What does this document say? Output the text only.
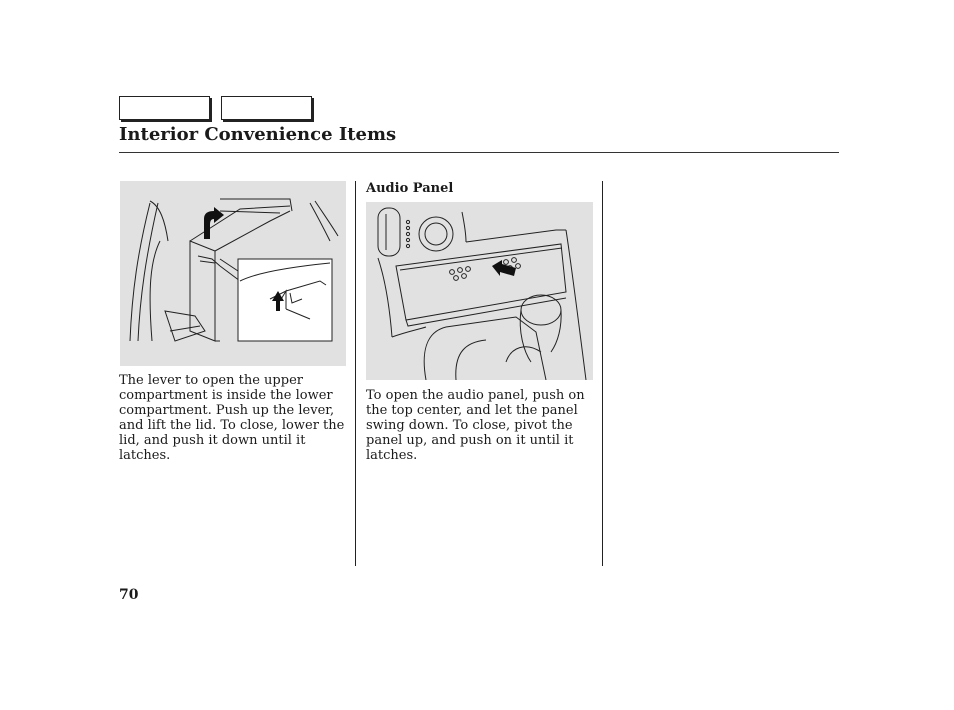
Interior Convenience Items
The lever to open the upper compartment is inside the lower compartment. Push up the lever, and lift the lid. To close, lower the lid, and push it down until it latches.
Audio Panel
To open the audio panel, push on the top center, and let the panel swing down. To close, pivot the panel up, and push on it until it latches.
70
